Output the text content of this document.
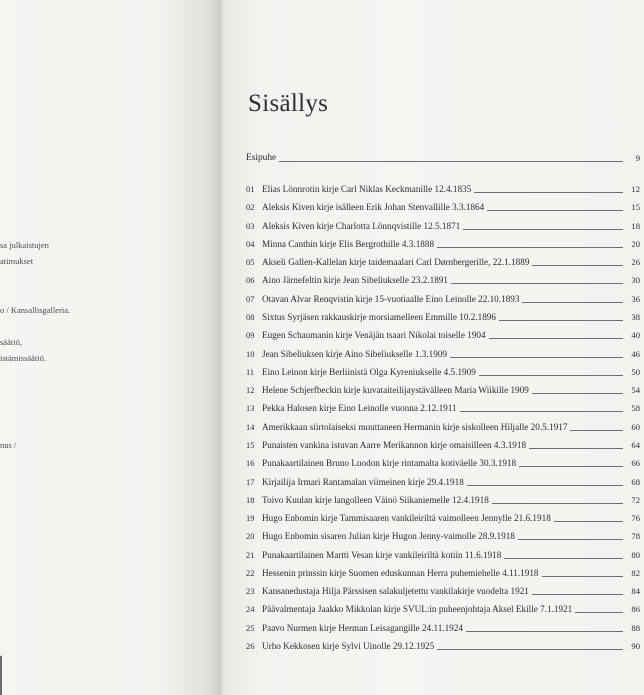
sa julkaistujen

atimukset

o / Kansallisgalleria.

säätiö,

istämissäätiö.

nus /

Sisällys
Esipuhe	9
01 Elias Lönnrotin kirje Carl Niklas Keckmanille 12.4.1835	12
02 Aleksis Kiven kirje isälleen Erik Johan Stenvallille 3.3.1864	15
03 Aleksis Kiven kirje Charlotta Lönnqvistille 12.5.1871	18
04 Minna Canthin kirje Elis Bergrothille 4.3.1888	20
05 Akseli Gallen-Kallelan kirje taidemaalari Carl Dørnbergerille, 22.1.1889	26
06 Aino Järnefeltin kirje Jean Sibeliukselle 23.2.1891	30
07 Otavan Alvar Renqvistin kirje 15-vuotiaalle Eino Leinolle 22.10.1893	36
08 Sixtus Syrjäsen rakkauskirje morsiamelleen Emmille 10.2.1896	38
09 Eugen Schaumanin kirje Venäjän tsaari Nikolai toiselle 1904	40
10 Jean Sibeliuksen kirje Aino Sibeliukselle 1.3.1909	46
11 Eino Leinon kirje Berliinistä Olga Kyreniukselle 4.5.1909	50
12 Helene Schjerfbeckin kirje kuvataiteilijaystävälleen Maria Wiikille 1909	54
13 Pekka Halosen kirje Eino Leinolle vuonna 2.12.1911	58
14 Amerikkaan siirtolaiseksi muuttaneen Hermanin kirje siskolleen Hiljalle 20.5.1917	60
15 Punaisten vankina istuvan Aarre Merikannon kirje omaisilleen 4.3.1918	64
16 Punakaartilainen Bruno Luodon kirje rintamalta kotiväelle 30.3.1918	66
17 Kirjailija Irmari Rantamalan viimeinen kirje 29.4.1918	68
18 Toivo Kuulan kirje langolleen Väinö Siikaniemelle 12.4.1918	72
19 Hugo Enbomin kirje Tammisaaren vankileiriltä vaimolleen Jennylle 21.6.1918	76
20 Hugo Enbomin sisaren Julian kirje Hugon Jenny-vaimolle 28.9.1918	78
21 Punakaartilainen Martti Vesan kirje vankileiriltä kotiin 11.6.1918	80
22 Hessenin prinssin kirje Suomen eduskunnan Herra puhemiehelle 4.11.1918	82
23 Kansanedustaja Hilja Pärssisen salakuljetettu vankilakirje vuodelta 1921	84
24 Päävalmentaja Jaakko Mikkolan kirje SVUL:in puheenjohtaja Aksel Ekille 7.1.1921	86
25 Paavo Nurmen kirje Herman Leisagangille 24.11.1924	88
26 Urho Kekkosen kirje Sylvi Uinolle 29.12.1925	90
